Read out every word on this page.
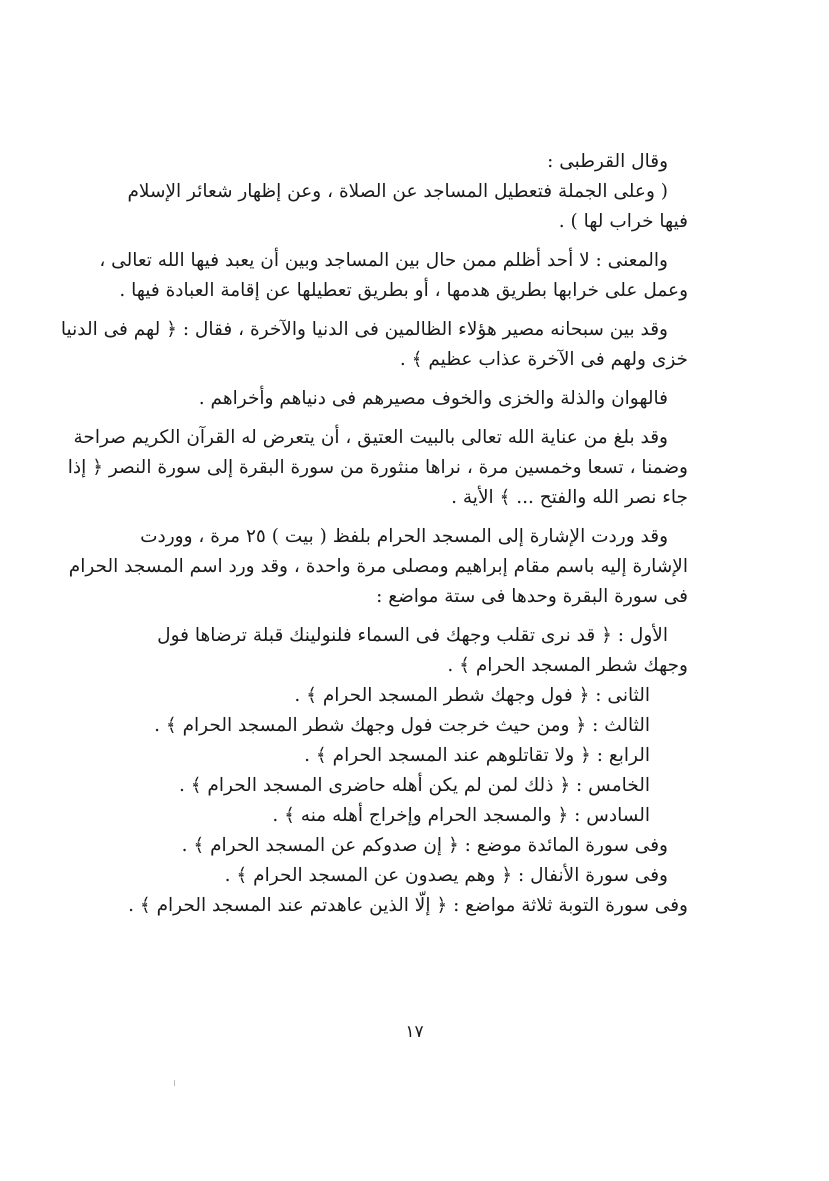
وقال القرطبى :
( وعلى الجملة فتعطيل المساجد عن الصلاة ، وعن إظهار شعائر الإسلام
فيها خراب لها ) .
والمعنى : لا أحد أظلم ممن حال بين المساجد وبين أن يعبد فيها الله تعالى ،
وعمل على خرابها بطريق هدمها ، أو بطريق تعطيلها عن إقامة العبادة فيها .
وقد بين سبحانه مصير هؤلاء الظالمين فى الدنيا والآخرة ، فقال : ﴿ لهم فى الدنيا
خزى ولهم فى الآخرة عذاب عظيم ﴾ .
فالهوان والذلة والخزى والخوف مصيرهم فى دنياهم وأخراهم .
وقد بلغ من عناية الله تعالى بالبيت العتيق ، أن يتعرض له القرآن الكريم صراحة
وضمنا ، تسعا وخمسين مرة ، نراها منثورة من سورة البقرة إلى سورة النصر ﴿ إذا
جاء نصر الله والفتح ... ﴾ الأية .
وقد وردت الإشارة إلى المسجد الحرام بلفظ ( بيت ) ٢٥ مرة ، ووردت
الإشارة إليه باسم مقام إبراهيم ومصلى مرة واحدة ، وقد ورد اسم المسجد الحرام
فى سورة البقرة وحدها فى ستة مواضع :
الأول : ﴿ قد نرى تقلب وجهك فى السماء فلنولينك قبلة ترضاها فول
وجهك شطر المسجد الحرام ﴾ .
الثانى : ﴿ فول وجهك شطر المسجد الحرام ﴾ .
الثالث : ﴿ ومن حيث خرجت فول وجهك شطر المسجد الحرام ﴾ .
الرابع : ﴿ ولا تقاتلوهم عند المسجد الحرام ﴾ .
الخامس : ﴿ ذلك لمن لم يكن أهله حاضرى المسجد الحرام ﴾ .
السادس : ﴿ والمسجد الحرام وإخراج أهله منه ﴾ .
وفى سورة المائدة موضع : ﴿ إن صدوكم عن المسجد الحرام ﴾ .
وفى سورة الأنفال : ﴿ وهم يصدون عن المسجد الحرام ﴾ .
وفى سورة التوبة ثلاثة مواضع : ﴿ إلّا الذين عاهدتم عند المسجد الحرام ﴾ .
١٧
